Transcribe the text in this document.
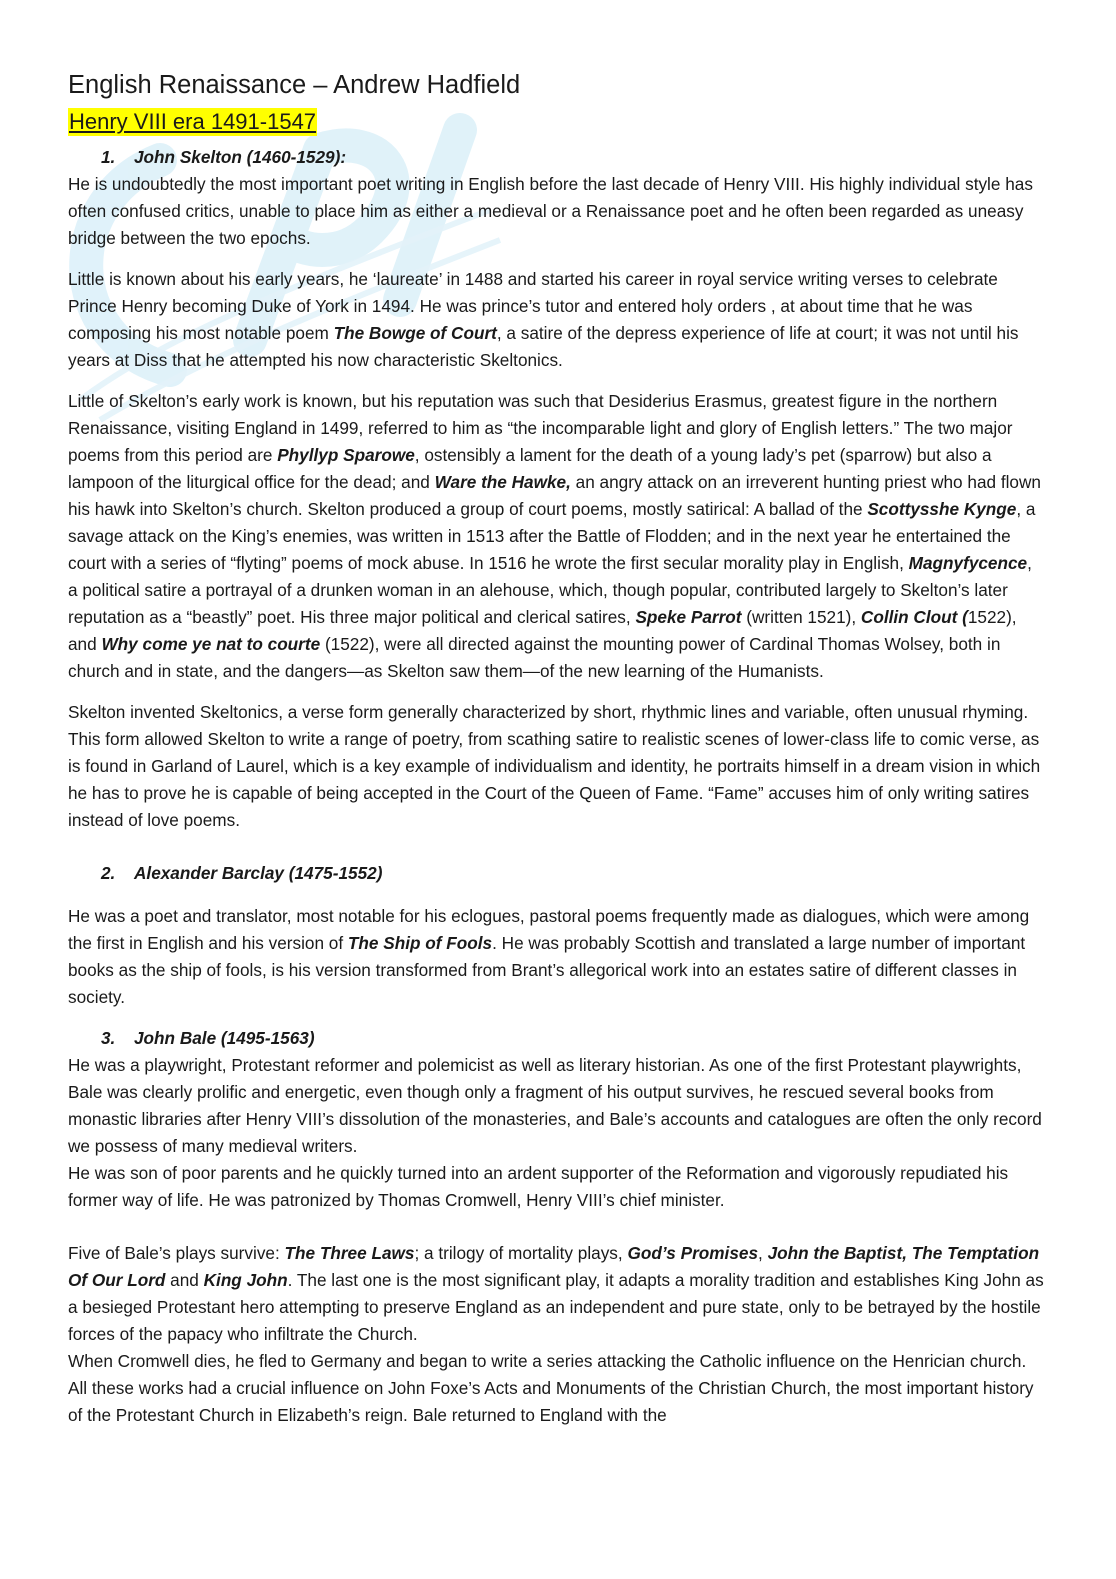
English Renaissance – Andrew Hadfield
Henry VIII era 1491-1547
1. John Skelton (1460-1529):

He is undoubtedly the most important poet writing in English before the last decade of Henry VIII. His highly individual style has often confused critics, unable to place him as either a medieval or a Renaissance poet and he often been regarded as uneasy bridge between the two epochs.

Little is known about his early years, he ‘laureate’ in 1488 and started his career in royal service writing verses to celebrate Prince Henry becoming Duke of York in 1494. He was prince’s tutor and entered holy orders , at about time that he was composing his most notable poem The Bowge of Court, a satire of the depress experience of life at court; it was not until his years at Diss that he attempted his now characteristic Skeltonics.

Little of Skelton’s early work is known, but his reputation was such that Desiderius Erasmus, greatest figure in the northern Renaissance, visiting England in 1499, referred to him as “the incomparable light and glory of English letters.” The two major poems from this period are Phyllyp Sparowe, ostensibly a lament for the death of a young lady’s pet (sparrow) but also a lampoon of the liturgical office for the dead; and Ware the Hawke, an angry attack on an irreverent hunting priest who had flown his hawk into Skelton’s church. Skelton produced a group of court poems, mostly satirical: A ballad of the Scottysshe Kynge, a savage attack on the King’s enemies, was written in 1513 after the Battle of Flodden; and in the next year he entertained the court with a series of “flyting” poems of mock abuse. In 1516 he wrote the first secular morality play in English, Magnyfycence, a political satire a portrayal of a drunken woman in an alehouse, which, though popular, contributed largely to Skelton’s later reputation as a “beastly” poet. His three major political and clerical satires, Speke Parrot (written 1521), Collin Clout (1522), and Why come ye nat to courte (1522), were all directed against the mounting power of Cardinal Thomas Wolsey, both in church and in state, and the dangers—as Skelton saw them—of the new learning of the Humanists.

Skelton invented Skeltonics, a verse form generally characterized by short, rhythmic lines and variable, often unusual rhyming. This form allowed Skelton to write a range of poetry, from scathing satire to realistic scenes of lower-class life to comic verse, as is found in Garland of Laurel, which is a key example of individualism and identity, he portraits himself in a dream vision in which he has to prove he is capable of being accepted in the Court of the Queen of Fame. “Fame” accuses him of only writing satires instead of love poems.

2. Alexander Barclay (1475-1552)

He was a poet and translator, most notable for his eclogues, pastoral poems frequently made as dialogues, which were among the first in English and his version of The Ship of Fools. He was probably Scottish and translated a large number of important books as the ship of fools, is his version transformed from Brant’s allegorical work into an estates satire of different classes in society.

3. John Bale (1495-1563)

He was a playwright, Protestant reformer and polemicist as well as literary historian. As one of the first Protestant playwrights, Bale was clearly prolific and energetic, even though only a fragment of his output survives, he rescued several books from monastic libraries after Henry VIII’s dissolution of the monasteries, and Bale’s accounts and catalogues are often the only record we possess of many medieval writers.

He was son of poor parents and he quickly turned into an ardent supporter of the Reformation and vigorously repudiated his former way of life. He was patronized by Thomas Cromwell, Henry VIII’s chief minister.

Five of Bale’s plays survive: The Three Laws; a trilogy of mortality plays, God’s Promises, John the Baptist, The Temptation Of Our Lord and King John. The last one is the most significant play, it adapts a morality tradition and establishes King John as a besieged Protestant hero attempting to preserve England as an independent and pure state, only to be betrayed by the hostile forces of the papacy who infiltrate the Church.

When Cromwell dies, he fled to Germany and began to write a series attacking the Catholic influence on the Henrician church. All these works had a crucial influence on John Foxe’s Acts and Monuments of the Christian Church, the most important history of the Protestant Church in Elizabeth’s reign. Bale returned to England with the
